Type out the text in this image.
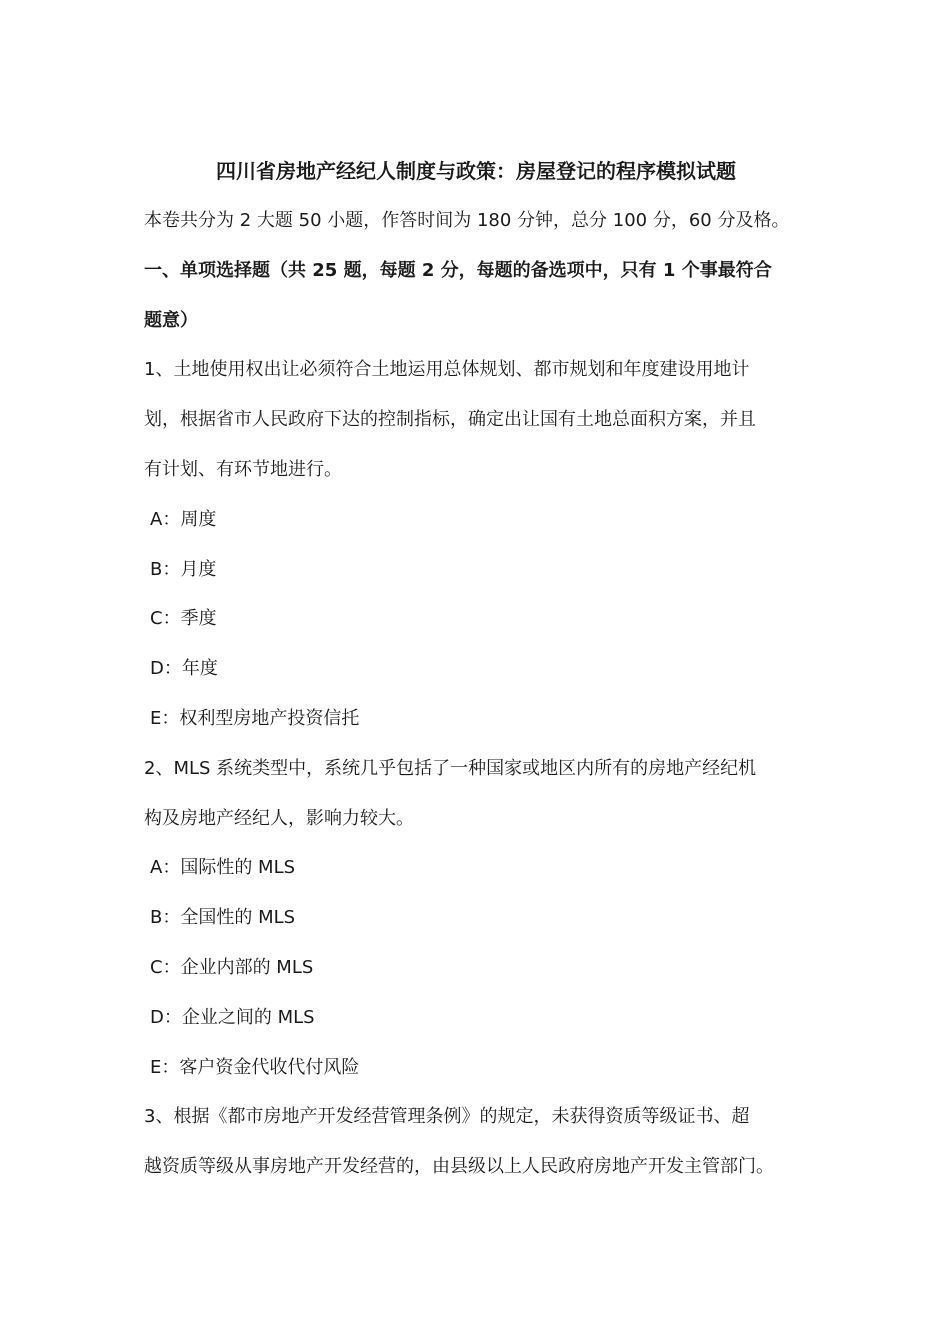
四川省房地产经纪人制度与政策：房屋登记的程序模拟试题

本卷共分为 2 大题 50 小题，作答时间为 180 分钟，总分 100 分，60 分及格。

一、单项选择题（共 25 题，每题 2 分，每题的备选项中，只有 1 个事最符合

题意）

1、土地使用权出让必须符合土地运用总体规划、都市规划和年度建设用地计

划，根据省市人民政府下达的控制指标，确定出让国有土地总面积方案，并且

有计划、有环节地进行。

A：周度

B：月度

C：季度

D：年度

E：权利型房地产投资信托

2、MLS 系统类型中，系统几乎包括了一种国家或地区内所有的房地产经纪机

构及房地产经纪人，影响力较大。

A：国际性的 MLS

B：全国性的 MLS

C：企业内部的 MLS

D：企业之间的 MLS

E：客户资金代收代付风险

3、根据《都市房地产开发经营管理条例》的规定，未获得资质等级证书、超

越资质等级从事房地产开发经营的，由县级以上人民政府房地产开发主管部门。
